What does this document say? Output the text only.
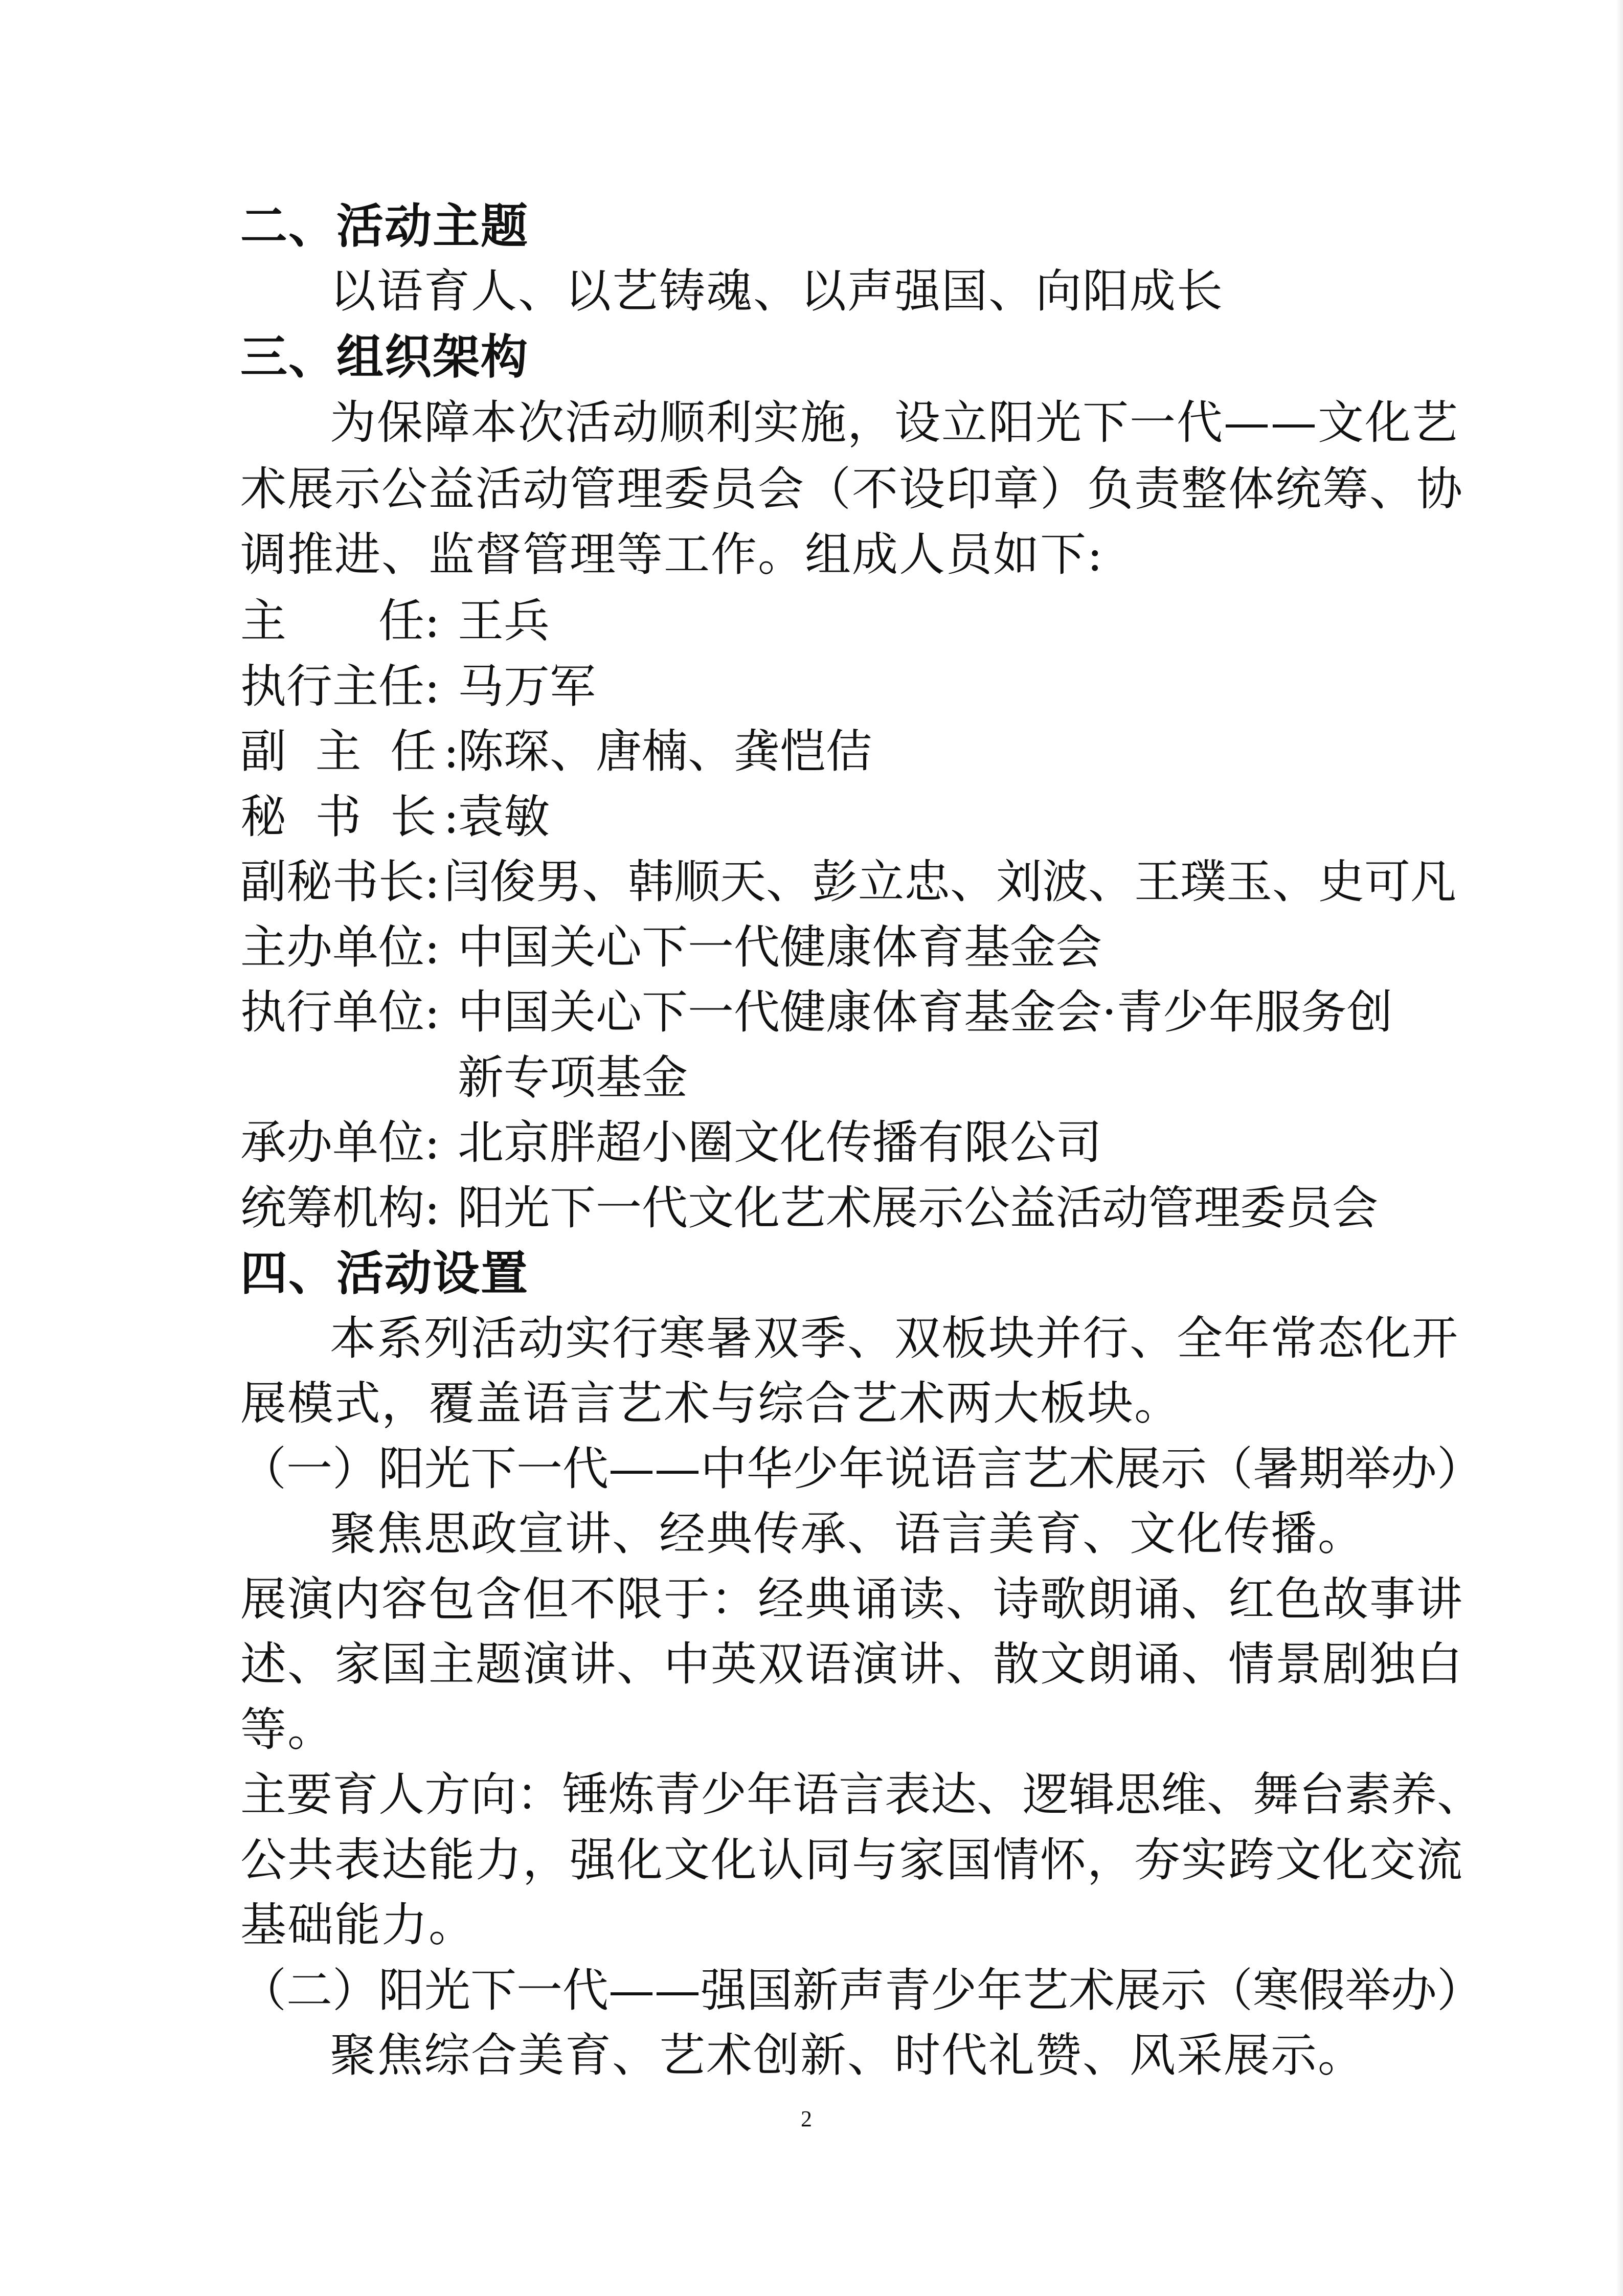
二、活动主题
以语育人、以艺铸魂、以声强国、向阳成长
三、组织架构
为保障本次活动顺利实施，设立阳光下一代——文化艺
术展示公益活动管理委员会（不设印章）负责整体统筹、协
调推进、监督管理等工作。组成人员如下:
主　　任: 王兵
执行主任: 马万军
副 主 任:
陈琛、唐楠、龚恺佶
秘 书 长:
袁敏
副秘书长: 闫俊男、韩顺天、彭立忠、刘波、王璞玉、史可凡
主办单位: 中国关心下一代健康体育基金会
执行单位: 中国关心下一代健康体育基金会·青少年服务创
新专项基金
承办单位: 北京胖超小圈文化传播有限公司
统筹机构: 阳光下一代文化艺术展示公益活动管理委员会
四、活动设置
本系列活动实行寒暑双季、双板块并行、全年常态化开
展模式，覆盖语言艺术与综合艺术两大板块。
（一）阳光下一代——中华少年说语言艺术展示（暑期举办）
聚焦思政宣讲、经典传承、语言美育、文化传播。
展演内容包含但不限于：经典诵读、诗歌朗诵、红色故事讲
述、家国主题演讲、中英双语演讲、散文朗诵、情景剧独白
等。
主要育人方向：锤炼青少年语言表达、逻辑思维、舞台素养、
公共表达能力，强化文化认同与家国情怀，夯实跨文化交流
基础能力。
（二）阳光下一代——强国新声青少年艺术展示（寒假举办）
聚焦综合美育、艺术创新、时代礼赞、风采展示。
2
